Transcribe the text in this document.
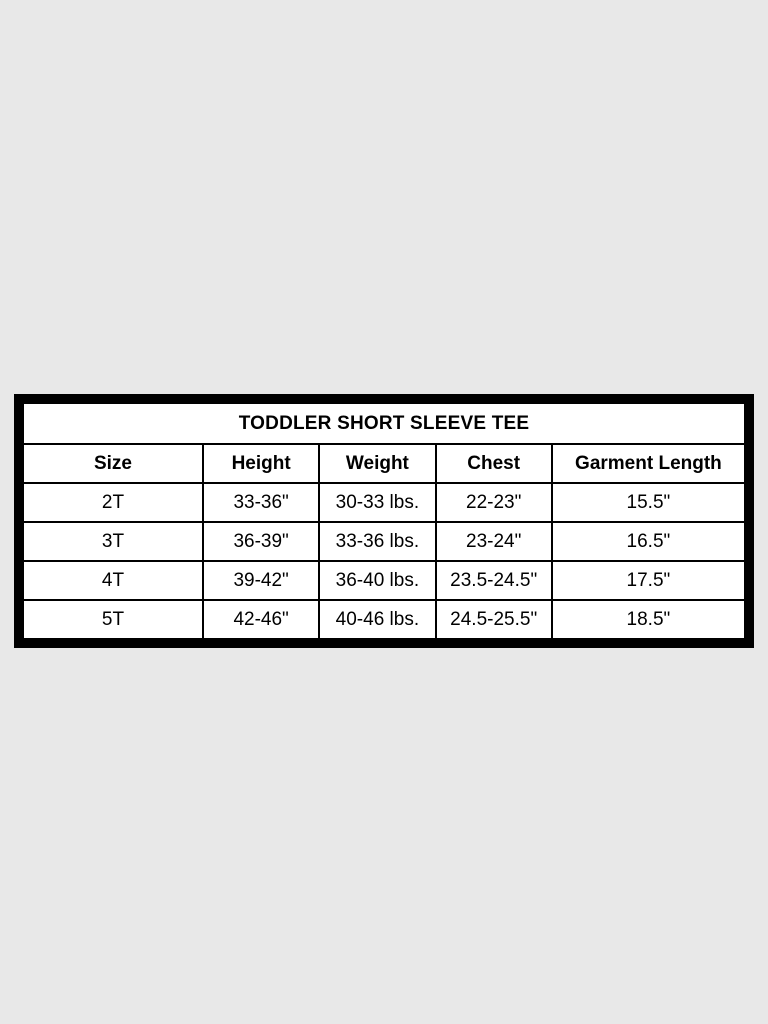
TODDLER SHORT SLEEVE TEE				
Size	Height	Weight	Chest	Garment Length
2T	33-36"	30-33 lbs.	22-23"	15.5"
3T	36-39"	33-36 lbs.	23-24"	16.5"
4T	39-42"	36-40 lbs.	23.5-24.5"	17.5"
5T	42-46"	40-46 lbs.	24.5-25.5"	18.5"
